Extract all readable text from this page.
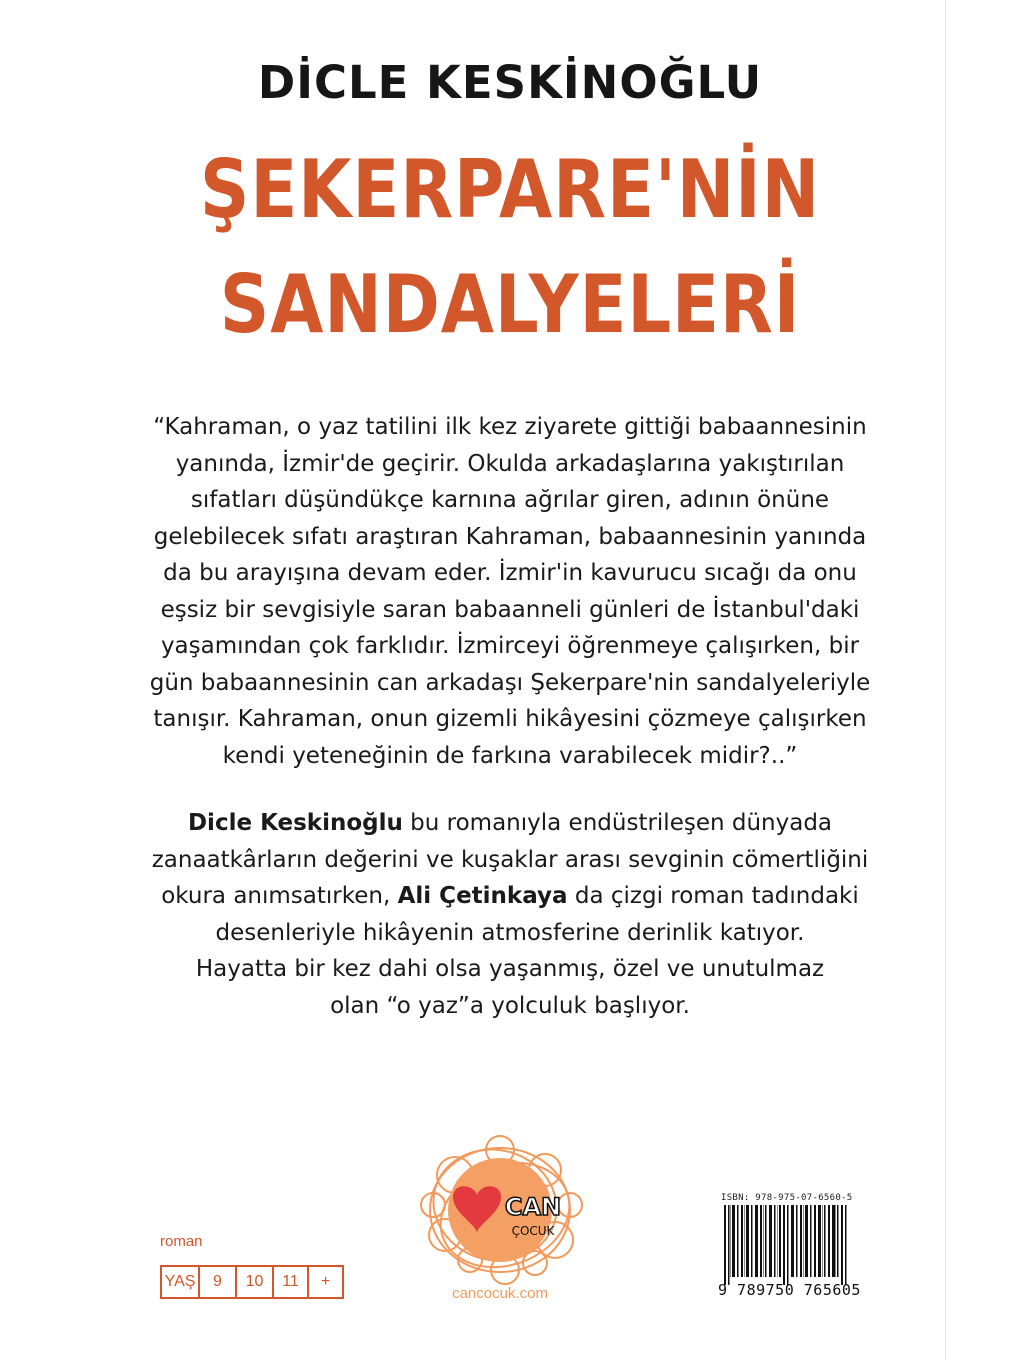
DİCLE KESKİNOĞLU
ŞEKERPARE'NİN
SANDALYELERİ
“Kahraman, o yaz tatilini ilk kez ziyarete gittiği babaannesinin
yanında, İzmir'de geçirir. Okulda arkadaşlarına yakıştırılan
sıfatları düşündükçe karnına ağrılar giren, adının önüne
gelebilecek sıfatı araştıran Kahraman, babaannesinin yanında
da bu arayışına devam eder. İzmir'in kavurucu sıcağı da onu
eşsiz bir sevgisiyle saran babaanneli günleri de İstanbul'daki
yaşamından çok farklıdır. İzmirceyi öğrenmeye çalışırken, bir
gün babaannesinin can arkadaşı Şekerpare'nin sandalyeleriyle
tanışır. Kahraman, onun gizemli hikâyesini çözmeye çalışırken
kendi yeteneğinin de farkına varabilecek midir?..”
Dicle Keskinoğlu bu romanıyla endüstrileşen dünyada
zanaatkârların değerini ve kuşaklar arası sevginin cömertliğini
okura anımsatırken, Ali Çetinkaya da çizgi roman tadındaki
desenleriyle hikâyenin atmosferine derinlik katıyor.
Hayatta bir kez dahi olsa yaşanmış, özel ve unutulmaz
olan “o yaz”a yolculuk başlıyor.
roman
YAŞ	9	10	11	+
CAN
ÇOCUK
cancocuk.com
ISBN: 978-975-07-6560-5
9 789750 765605
